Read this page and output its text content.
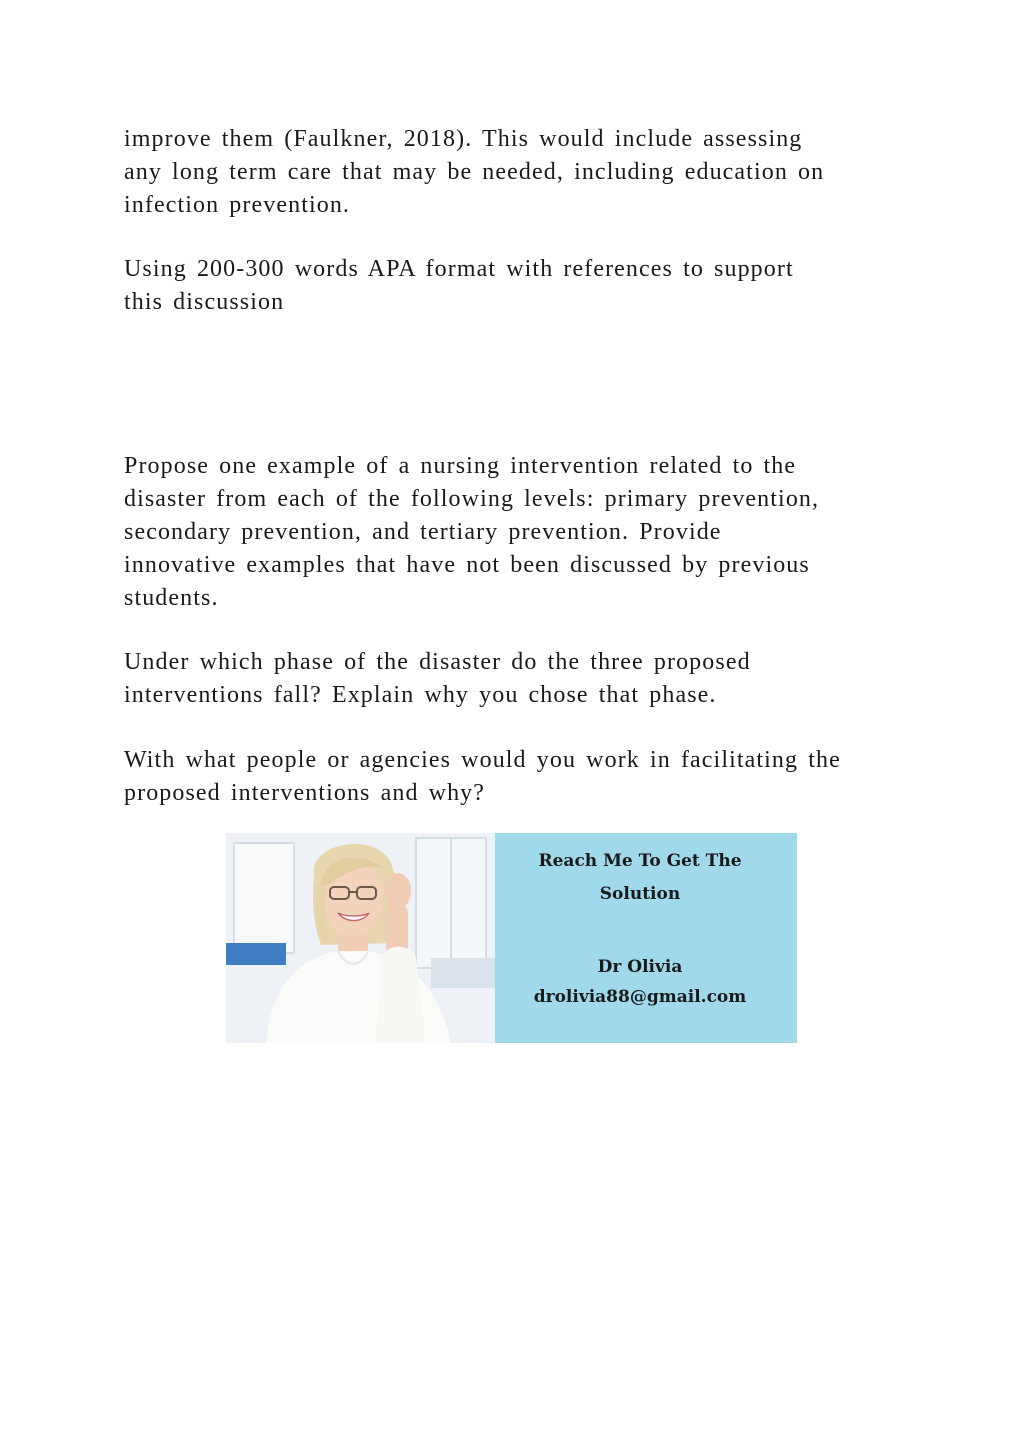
improve them (Faulkner, 2018). This would include assessing
any long term care that may be needed, including education on
infection prevention.

Using 200-300 words APA format with references to support
this discussion

Propose one example of a nursing intervention related to the
disaster from each of the following levels: primary prevention,
secondary prevention, and tertiary prevention. Provide
innovative examples that have not been discussed by previous
students.

Under which phase of the disaster do the three proposed
interventions fall? Explain why you chose that phase.

With what people or agencies would you work in facilitating the
proposed interventions and why?

Reach Me To Get The
Solution
Dr Olivia
drolivia88@gmail.com
